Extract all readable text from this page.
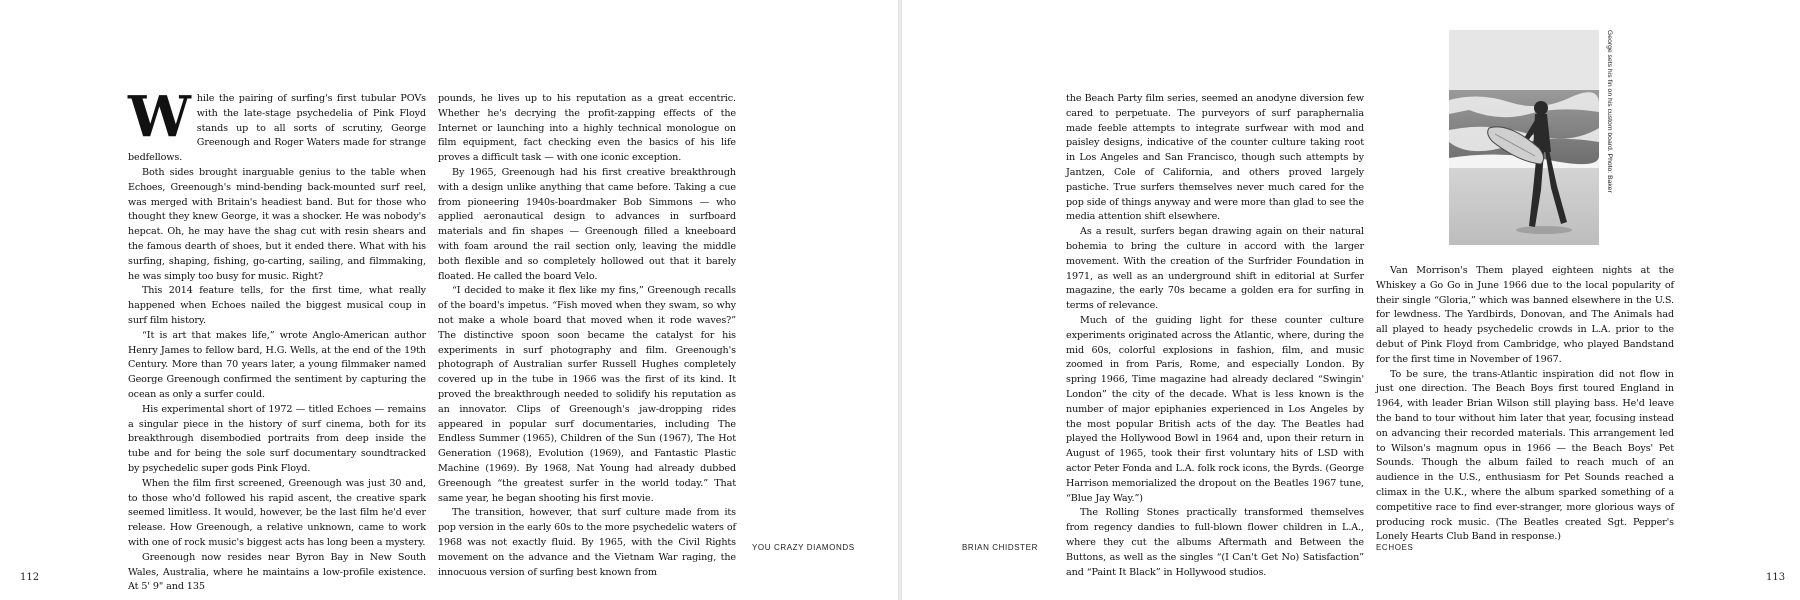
While the pairing of surfing's first tubular POVs with the late-stage psychedelia of Pink Floyd stands up to all sorts of scrutiny, George Greenough and Roger Waters made for strange bedfellows.

Both sides brought inarguable genius to the table when Echoes, Greenough's mind-bending back-mounted surf reel, was merged with Britain's headiest band. But for those who thought they knew George, it was a shocker. He was nobody's hepcat. Oh, he may have the shag cut with resin shears and the famous dearth of shoes, but it ended there. What with his surfing, shaping, fishing, go-carting, sailing, and filmmaking, he was simply too busy for music. Right?

This 2014 feature tells, for the first time, what really happened when Echoes nailed the biggest musical coup in surf film history.

“It is art that makes life,” wrote Anglo-American author Henry James to fellow bard, H.G. Wells, at the end of the 19th Century. More than 70 years later, a young filmmaker named George Greenough confirmed the sentiment by capturing the ocean as only a surfer could.

His experimental short of 1972 — titled Echoes — remains a singular piece in the history of surf cinema, both for its breakthrough disembodied portraits from deep inside the tube and for being the sole surf documentary soundtracked by psychedelic super gods Pink Floyd.

When the film first screened, Greenough was just 30 and, to those who'd followed his rapid ascent, the creative spark seemed limitless. It would, however, be the last film he'd ever release. How Greenough, a relative unknown, came to work with one of rock music's biggest acts has long been a mystery.

Greenough now resides near Byron Bay in New South Wales, Australia, where he maintains a low-profile existence. At 5' 9" and 135

pounds, he lives up to his reputation as a great eccentric. Whether he's decrying the profit-zapping effects of the Internet or launching into a highly technical monologue on film equipment, fact checking even the basics of his life proves a difficult task — with one iconic exception.

By 1965, Greenough had his first creative breakthrough with a design unlike anything that came before. Taking a cue from pioneering 1940s-boardmaker Bob Simmons — who applied aeronautical design to advances in surfboard materials and fin shapes — Greenough filled a kneeboard with foam around the rail section only, leaving the middle both flexible and so completely hollowed out that it barely floated. He called the board Velo.

“I decided to make it flex like my fins,” Greenough recalls of the board's impetus. “Fish moved when they swam, so why not make a whole board that moved when it rode waves?” The distinctive spoon soon became the catalyst for his experiments in surf photography and film. Greenough's photograph of Australian surfer Russell Hughes completely covered up in the tube in 1966 was the first of its kind. It proved the breakthrough needed to solidify his reputation as an innovator. Clips of Greenough's jaw-dropping rides appeared in popular surf documentaries, including The Endless Summer (1965), Children of the Sun (1967), The Hot Generation (1968), Evolution (1969), and Fantastic Plastic Machine (1969). By 1968, Nat Young had already dubbed Greenough “the greatest surfer in the world today.” That same year, he began shooting his first movie.

The transition, however, that surf culture made from its pop version in the early 60s to the more psychedelic waters of 1968 was not exactly fluid. By 1965, with the Civil Rights movement on the advance and the Vietnam War raging, the innocuous version of surfing best known from

YOU CRAZY DIAMONDS
112

the Beach Party film series, seemed an anodyne diversion few cared to perpetuate. The purveyors of surf paraphernalia made feeble attempts to integrate surfwear with mod and paisley designs, indicative of the counter culture taking root in Los Angeles and San Francisco, though such attempts by Jantzen, Cole of California, and others proved largely pastiche. True surfers themselves never much cared for the pop side of things anyway and were more than glad to see the media attention shift elsewhere.

As a result, surfers began drawing again on their natural bohemia to bring the culture in accord with the larger movement. With the creation of the Surfrider Foundation in 1971, as well as an underground shift in editorial at Surfer magazine, the early 70s became a golden era for surfing in terms of relevance.

Much of the guiding light for these counter culture experiments originated across the Atlantic, where, during the mid 60s, colorful explosions in fashion, film, and music zoomed in from Paris, Rome, and especially London. By spring 1966, Time magazine had already declared “Swingin' London” the city of the decade. What is less known is the number of major epiphanies experienced in Los Angeles by the most popular British acts of the day. The Beatles had played the Hollywood Bowl in 1964 and, upon their return in August of 1965, took their first voluntary hits of LSD with actor Peter Fonda and L.A. folk rock icons, the Byrds. (George Harrison memorialized the dropout on the Beatles 1967 tune, “Blue Jay Way.”)

The Rolling Stones practically transformed themselves from regency dandies to full-blown flower children in L.A., where they cut the albums Aftermath and Between the Buttons, as well as the singles “(I Can't Get No) Satisfaction” and “Paint It Black” in Hollywood studios.

George sets his fin on his custom board. Photo: Baker

Van Morrison's Them played eighteen nights at the Whiskey a Go Go in June 1966 due to the local popularity of their single “Gloria,” which was banned elsewhere in the U.S. for lewdness. The Yardbirds, Donovan, and The Animals had all played to heady psychedelic crowds in L.A. prior to the debut of Pink Floyd from Cambridge, who played Bandstand for the first time in November of 1967.

To be sure, the trans-Atlantic inspiration did not flow in just one direction. The Beach Boys first toured England in 1964, with leader Brian Wilson still playing bass. He'd leave the band to tour without him later that year, focusing instead on advancing their recorded materials. This arrangement led to Wilson's magnum opus in 1966 — the Beach Boys' Pet Sounds. Though the album failed to reach much of an audience in the U.S., enthusiasm for Pet Sounds reached a climax in the U.K., where the album sparked something of a competitive race to find ever-stranger, more glorious ways of producing rock music. (The Beatles created Sgt. Pepper's Lonely Hearts Club Band in response.)

BRIAN CHIDSTER	ECHOES
113
